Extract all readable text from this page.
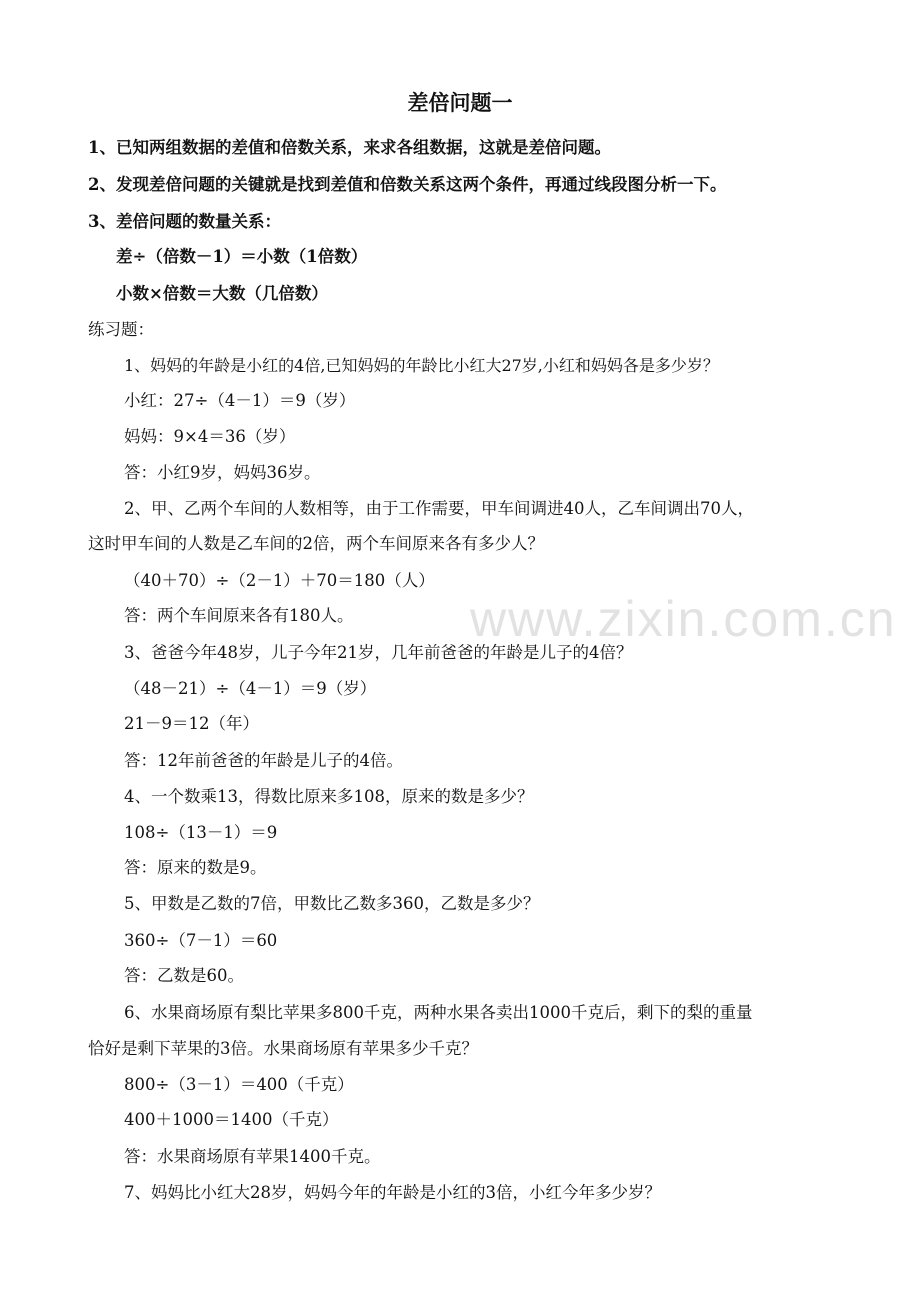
www.zixin.com.cn
差倍问题一
1、已知两组数据的差值和倍数关系，来求各组数据，这就是差倍问题。
2、发现差倍问题的关键就是找到差值和倍数关系这两个条件，再通过线段图分析一下。
3、差倍问题的数量关系：
差÷（倍数－1）＝小数（1倍数）
小数×倍数＝大数（几倍数）
练习题：
1、妈妈的年龄是小红的4倍,已知妈妈的年龄比小红大27岁,小红和妈妈各是多少岁？
小红：27÷（4－1）＝9（岁）
妈妈：9×4＝36（岁）
答：小红9岁，妈妈36岁。
2、甲、乙两个车间的人数相等，由于工作需要，甲车间调进40人，乙车间调出70人，
这时甲车间的人数是乙车间的2倍，两个车间原来各有多少人？
（40＋70）÷（2－1）＋70＝180（人）
答：两个车间原来各有180人。
3、爸爸今年48岁，儿子今年21岁，几年前爸爸的年龄是儿子的4倍？
（48－21）÷（4－1）＝9（岁）
21－9＝12（年）
答：12年前爸爸的年龄是儿子的4倍。
4、一个数乘13，得数比原来多108，原来的数是多少？
108÷（13－1）＝9
答：原来的数是9。
5、甲数是乙数的7倍，甲数比乙数多360，乙数是多少？
360÷（7－1）＝60
答：乙数是60。
6、水果商场原有梨比苹果多800千克，两种水果各卖出1000千克后，剩下的梨的重量
恰好是剩下苹果的3倍。水果商场原有苹果多少千克？
800÷（3－1）＝400（千克）
400＋1000＝1400（千克）
答：水果商场原有苹果1400千克。
7、妈妈比小红大28岁，妈妈今年的年龄是小红的3倍，小红今年多少岁？
